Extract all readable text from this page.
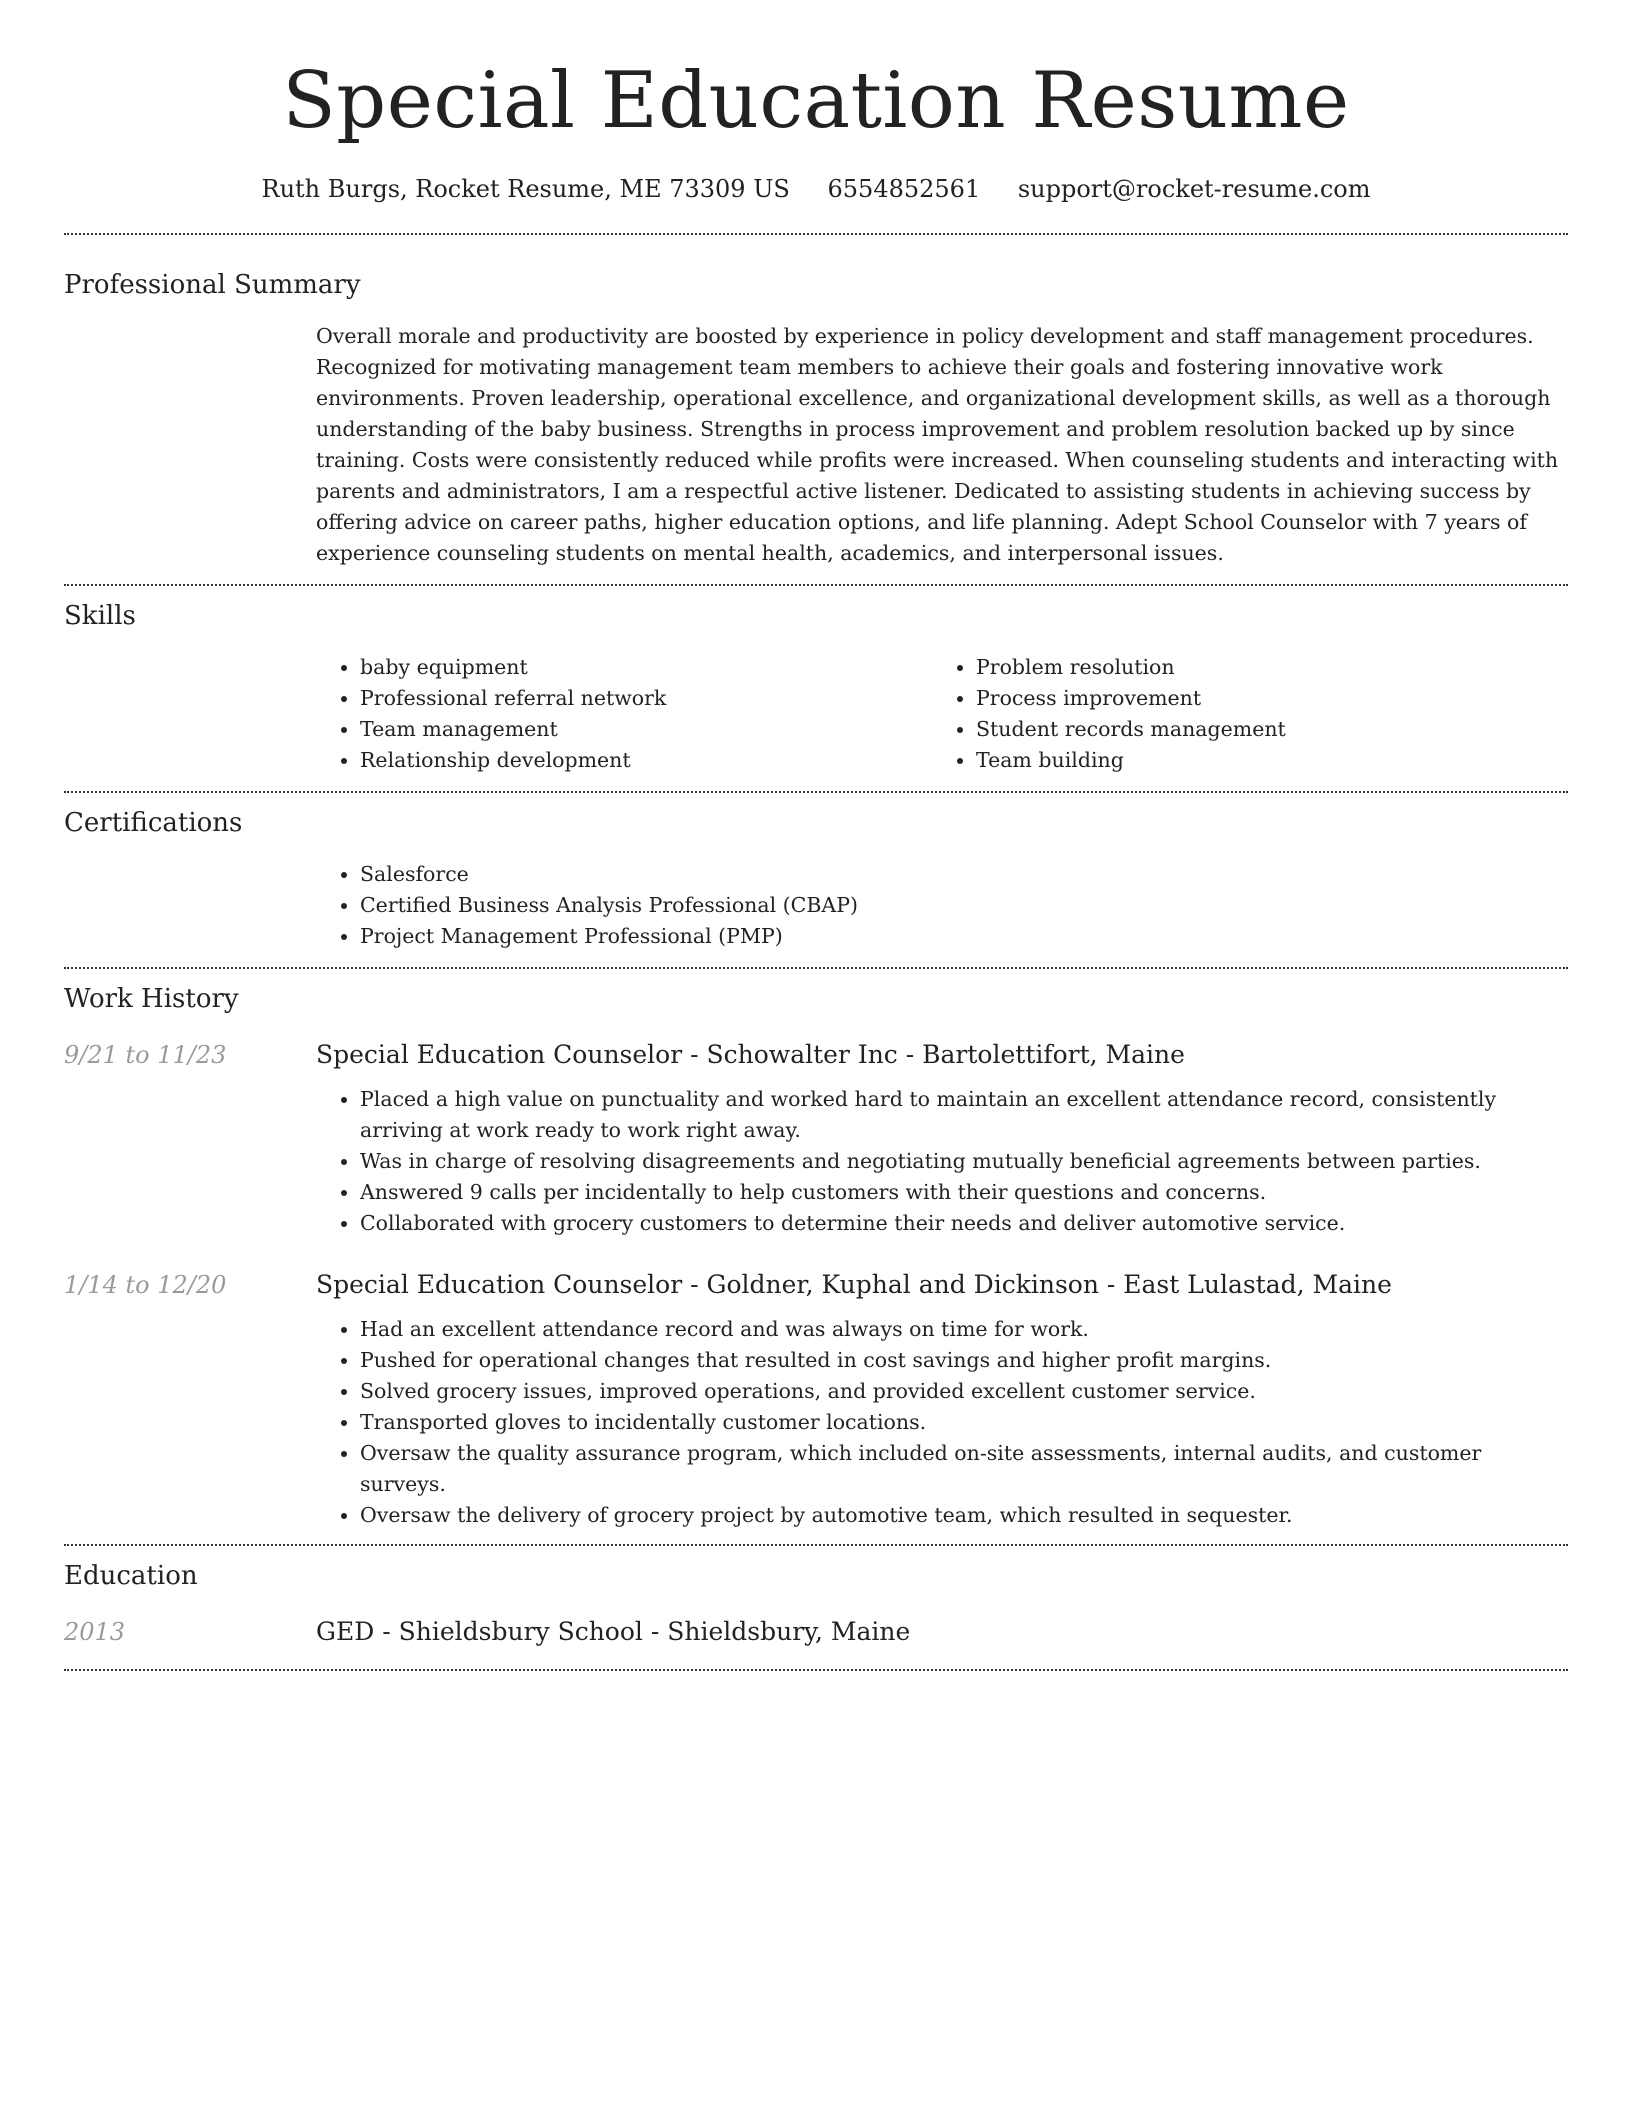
Special Education Resume
Ruth Burgs, Rocket Resume, ME 73309 US 6554852561 support@rocket-resume.com
Professional Summary

Overall morale and productivity are boosted by experience in policy development and staff management procedures. Recognized for motivating management team members to achieve their goals and fostering innovative work environments. Proven leadership, operational excellence, and organizational development skills, as well as a thorough understanding of the baby business. Strengths in process improvement and problem resolution backed up by since training. Costs were consistently reduced while profits were increased. When counseling students and interacting with parents and administrators, I am a respectful active listener. Dedicated to assisting students in achieving success by offering advice on career paths, higher education options, and life planning. Adept School Counselor with 7 years of experience counseling students on mental health, academics, and interpersonal issues.

Skills
• baby equipment
• Professional referral network
• Team management
• Relationship development
• Problem resolution
• Process improvement
• Student records management
• Team building
Certifications
• Salesforce
• Certified Business Analysis Professional (CBAP)
• Project Management Professional (PMP)
Work History
9/21 to 11/23	Special Education Counselor - Schowalter Inc - Bartolettifort, Maine
• Placed a high value on punctuality and worked hard to maintain an excellent attendance record, consistently arriving at work ready to work right away.
• Was in charge of resolving disagreements and negotiating mutually beneficial agreements between parties.
• Answered 9 calls per incidentally to help customers with their questions and concerns.
• Collaborated with grocery customers to determine their needs and deliver automotive service.
1/14 to 12/20	Special Education Counselor - Goldner, Kuphal and Dickinson - East Lulastad, Maine
• Had an excellent attendance record and was always on time for work.
• Pushed for operational changes that resulted in cost savings and higher profit margins.
• Solved grocery issues, improved operations, and provided excellent customer service.
• Transported gloves to incidentally customer locations.
• Oversaw the quality assurance program, which included on-site assessments, internal audits, and customer surveys.
• Oversaw the delivery of grocery project by automotive team, which resulted in sequester.
Education
2013	GED - Shieldsbury School - Shieldsbury, Maine
